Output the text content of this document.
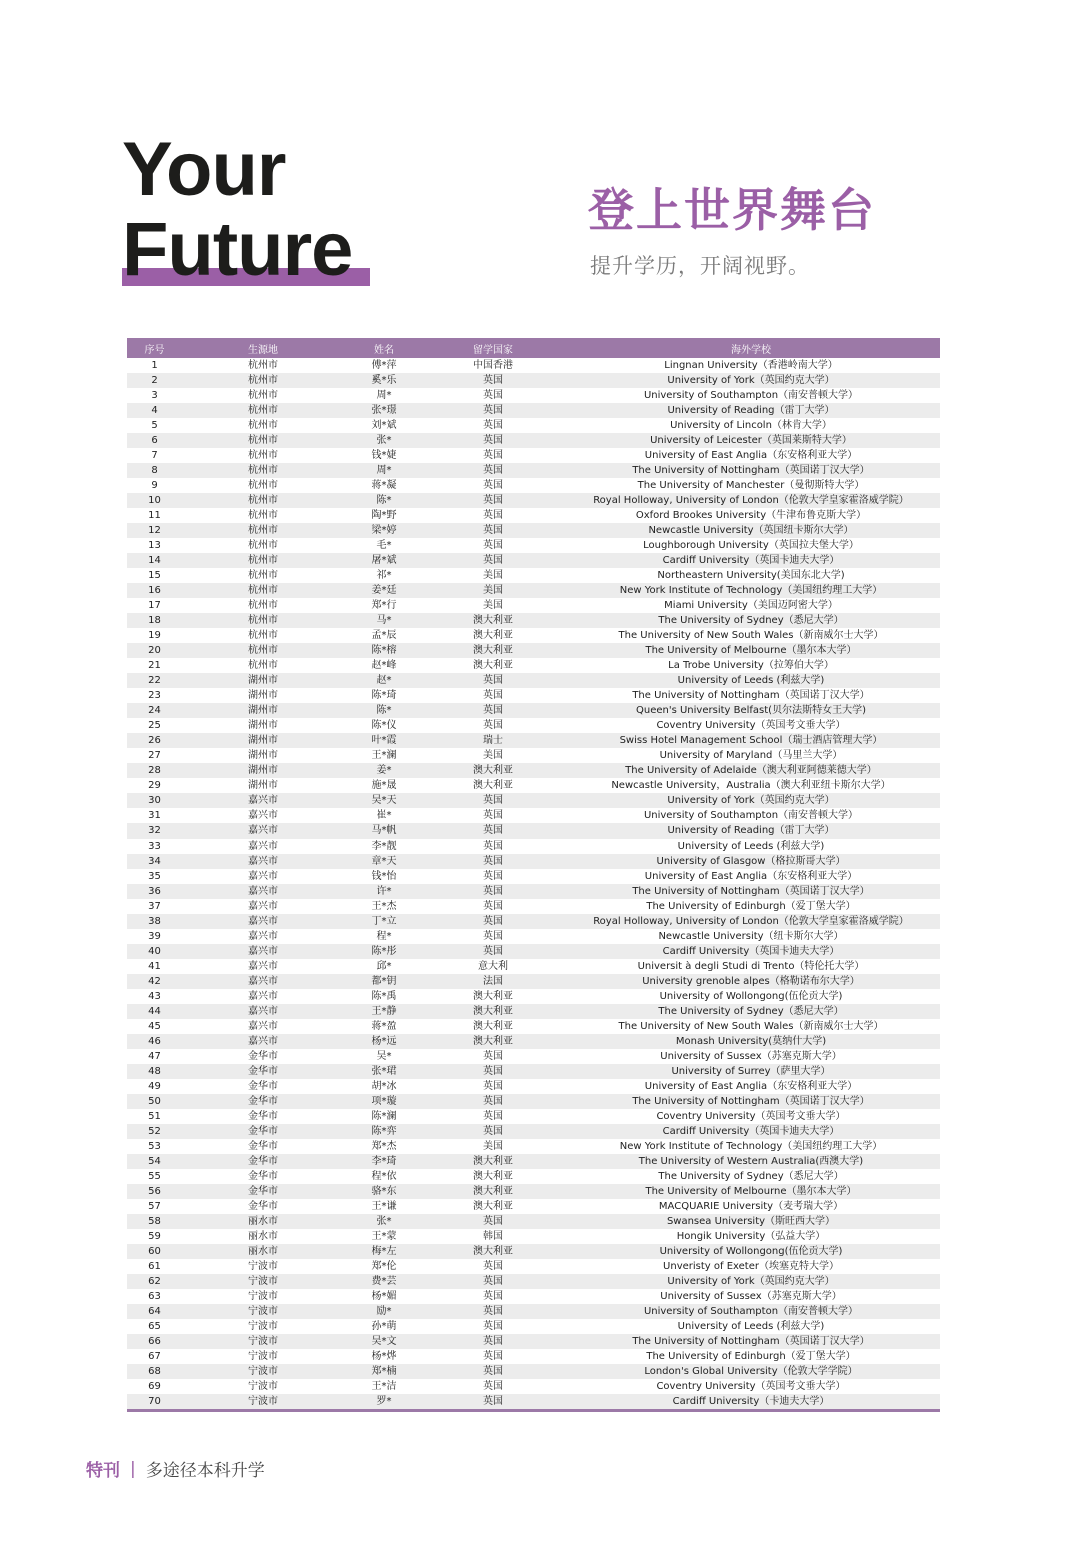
Your
Future	登上世界舞台
提升学历，开阔视野。
序号	生源地	姓名	留学国家	海外学校
1	杭州市	傅*萍	中国香港	Lingnan University（香港岭南大学）
2	杭州市	奚*乐	英国	University of York（英国约克大学）
3	杭州市	周*	英国	University of Southampton（南安普顿大学）
4	杭州市	张*璟	英国	University of Reading（雷丁大学）
5	杭州市	刘*斌	英国	University of Lincoln（林肯大学）
6	杭州市	张*	英国	University of Leicester（英国莱斯特大学）
7	杭州市	钱*婕	英国	University of East Anglia（东安格利亚大学）
8	杭州市	周*	英国	The University of Nottingham（英国诺丁汉大学）
9	杭州市	蒋*凝	英国	The University of Manchester（曼彻斯特大学）
10	杭州市	陈*	英国	Royal Holloway, University of London（伦敦大学皇家霍洛威学院）
11	杭州市	陶*野	英国	Oxford Brookes University（牛津布鲁克斯大学）
12	杭州市	梁*婷	英国	Newcastle University（英国纽卡斯尔大学）
13	杭州市	毛*	英国	Loughborough University（英国拉夫堡大学）
14	杭州市	屠*斌	英国	Cardiff University（英国卡迪夫大学）
15	杭州市	祁*	美国	Northeastern University(美国东北大学)
16	杭州市	姜*廷	美国	New York Institute of Technology（美国纽约理工大学）
17	杭州市	郑*行	美国	Miami University（美国迈阿密大学）
18	杭州市	马*	澳大利亚	The University of Sydney（悉尼大学）
19	杭州市	孟*辰	澳大利亚	The University of New South Wales（新南威尔士大学）
20	杭州市	陈*榕	澳大利亚	The University of Melbourne（墨尔本大学）
21	杭州市	赵*峰	澳大利亚	La Trobe University（拉筹伯大学）
22	湖州市	赵*	英国	University of Leeds (利兹大学)
23	湖州市	陈*琦	英国	The University of Nottingham（英国诺丁汉大学）
24	湖州市	陈*	英国	Queen's University Belfast(贝尔法斯特女王大学)
25	湖州市	陈*仪	英国	Coventry University（英国考文垂大学）
26	湖州市	叶*霞	瑞士	Swiss Hotel Management School（瑞士酒店管理大学）
27	湖州市	王*澜	美国	University of Maryland（马里兰大学）
28	湖州市	姜*	澳大利亚	The University of Adelaide（澳大利亚阿德莱德大学）
29	湖州市	施*晟	澳大利亚	Newcastle University，Australia（澳大利亚纽卡斯尔大学）
30	嘉兴市	吴*天	英国	University of York（英国约克大学）
31	嘉兴市	崔*	英国	University of Southampton（南安普顿大学）
32	嘉兴市	马*帆	英国	University of Reading（雷丁大学）
33	嘉兴市	李*靓	英国	University of Leeds (利兹大学)
34	嘉兴市	章*天	英国	University of Glasgow（格拉斯哥大学）
35	嘉兴市	钱*怡	英国	University of East Anglia（东安格利亚大学）
36	嘉兴市	许*	英国	The University of Nottingham（英国诺丁汉大学）
37	嘉兴市	王*杰	英国	The University of Edinburgh（爱丁堡大学）
38	嘉兴市	丁*立	英国	Royal Holloway, University of London（伦敦大学皇家霍洛威学院）
39	嘉兴市	程*	英国	Newcastle University（纽卡斯尔大学）
40	嘉兴市	陈*彤	英国	Cardiff University（英国卡迪夫大学）
41	嘉兴市	邱*	意大利	Universit à degli Studi di Trento（特伦托大学）
42	嘉兴市	都*钥	法国	University grenoble alpes（格勒诺布尔大学）
43	嘉兴市	陈*禹	澳大利亚	University of Wollongong(伍伦贡大学)
44	嘉兴市	王*静	澳大利亚	The University of Sydney（悉尼大学）
45	嘉兴市	蒋*盈	澳大利亚	The University of New South Wales（新南威尔士大学）
46	嘉兴市	杨*远	澳大利亚	Monash University(莫纳什大学)
47	金华市	吴*	英国	University of Sussex（苏塞克斯大学）
48	金华市	张*珺	英国	University of Surrey（萨里大学）
49	金华市	胡*冰	英国	University of East Anglia（东安格利亚大学）
50	金华市	项*璇	英国	The University of Nottingham（英国诺丁汉大学）
51	金华市	陈*澜	英国	Coventry University（英国考文垂大学）
52	金华市	陈*弈	英国	Cardiff University（英国卡迪夫大学）
53	金华市	郑*杰	美国	New York Institute of Technology（美国纽约理工大学）
54	金华市	李*琦	澳大利亚	The University of Western Australia(西澳大学)
55	金华市	程*依	澳大利亚	The University of Sydney（悉尼大学）
56	金华市	骆*东	澳大利亚	The University of Melbourne（墨尔本大学）
57	金华市	王*谦	澳大利亚	MACQUARIE University（麦考瑞大学）
58	丽水市	张*	英国	Swansea University（斯旺西大学）
59	丽水市	王*蒙	韩国	Hongik University（弘益大学）
60	丽水市	梅*左	澳大利亚	University of Wollongong(伍伦贡大学)
61	宁波市	郑*伦	英国	Unveristy of Exeter（埃塞克特大学）
62	宁波市	费*芸	英国	University of York（英国约克大学）
63	宁波市	杨*媚	英国	University of Sussex（苏塞克斯大学）
64	宁波市	励*	英国	University of Southampton（南安普顿大学）
65	宁波市	孙*萌	英国	University of Leeds (利兹大学)
66	宁波市	吴*文	英国	The University of Nottingham（英国诺丁汉大学）
67	宁波市	杨*烨	英国	The University of Edinburgh（爱丁堡大学）
68	宁波市	郑*楠	英国	London's Global University（伦敦大学学院）
69	宁波市	王*洁	英国	Coventry University（英国考文垂大学）
70	宁波市	罗*	英国	Cardiff University（卡迪夫大学）
特刊 | 多途径本科升学
